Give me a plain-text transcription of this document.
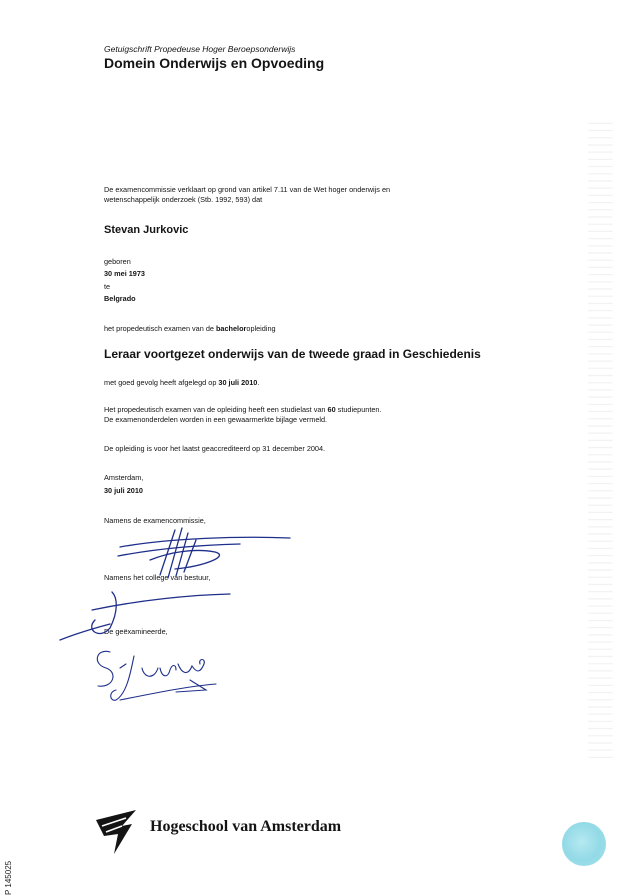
|||||||||||||||||||||||||||||||||||||||||||||||||||||||||||||||||||||||||||||||||||||||||
Getuigschrift Propedeuse Hoger Beroepsonderwijs
Domein Onderwijs en Opvoeding
De examencommissie verklaart op grond van artikel 7.11 van de Wet hoger onderwijs en
wetenschappelijk onderzoek (Stb. 1992, 593) dat
Stevan Jurkovic
geboren
30 mei 1973
te
Belgrado
het propedeutisch examen van de bacheloropleiding
Leraar voortgezet onderwijs van de tweede graad in Geschiedenis
met goed gevolg heeft afgelegd op 30 juli 2010.
Het propedeutisch examen van de opleiding heeft een studielast van 60 studiepunten.
De examenonderdelen worden in een gewaarmerkte bijlage vermeld.
De opleiding is voor het laatst geaccrediteerd op 31 december 2004.
Amsterdam,
30 juli 2010
Namens de examencommissie,
Namens het college van bestuur,
De geëxamineerde,
Hogeschool van Amsterdam
P 145025
